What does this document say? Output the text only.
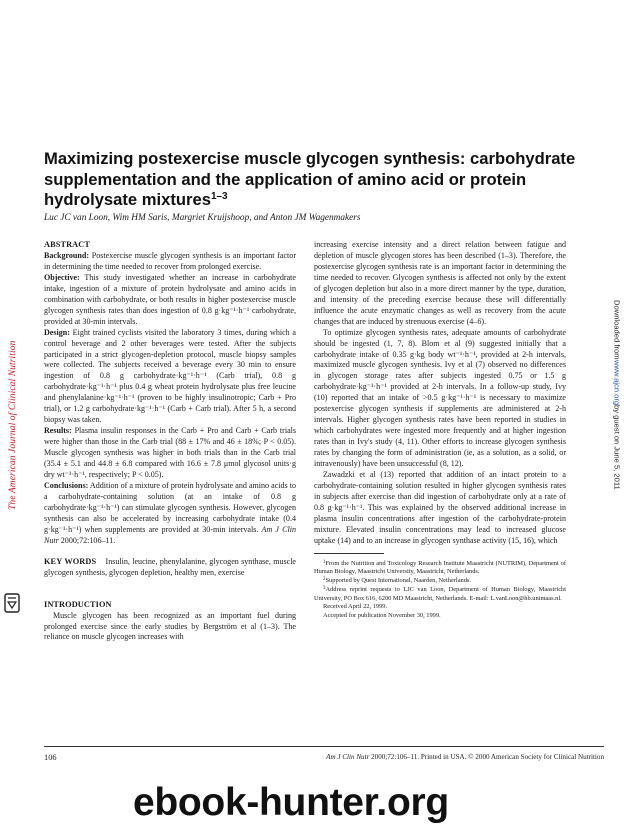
The American Journal of Clinical Nutrition
Downloaded from
www.ajcn.org
by guest on June 5, 2011
Maximizing postexercise muscle glycogen synthesis: carbohydrate supplementation and the application of amino acid or protein hydrolysate mixtures$^{1-3}$
Luc JC van Loon, Wim HM Saris, Margriet Kruijshoop, and Anton JM Wagenmakers

ABSTRACT

Background: Postexercise muscle glycogen synthesis is an important factor in determining the time needed to recover from prolonged exercise.

Objective: This study investigated whether an increase in carbohydrate intake, ingestion of a mixture of protein hydrolysate and amino acids in combination with carbohydrate, or both results in higher postexercise muscle glycogen synthesis rates than does ingestion of 0.8 g·kg⁻¹·h⁻¹ carbohydrate, provided at 30-min intervals.

Design: Eight trained cyclists visited the laboratory 3 times, during which a control beverage and 2 other beverages were tested. After the subjects participated in a strict glycogen-depletion protocol, muscle biopsy samples were collected. The subjects received a beverage every 30 min to ensure ingestion of 0.8 g carbohydrate·kg⁻¹·h⁻¹ (Carb trial), 0.8 g carbohydrate·kg⁻¹·h⁻¹ plus 0.4 g wheat protein hydrolysate plus free leucine and phenylalanine·kg⁻¹·h⁻¹ (proven to be highly insulinotropic; Carb + Pro trial), or 1.2 g carbohydrate·kg⁻¹·h⁻¹ (Carb + Carb trial). After 5 h, a second biopsy was taken.

Results: Plasma insulin responses in the Carb + Pro and Carb + Carb trials were higher than those in the Carb trial (88 ± 17% and 46 ± 18%; P < 0.05). Muscle glycogen synthesis was higher in both trials than in the Carb trial (35.4 ± 5.1 and 44.8 ± 6.8 compared with 16.6 ± 7.8 μmol glycosol units·g dry wt⁻¹·h⁻¹, respectively; P < 0.05).

Conclusions: Addition of a mixture of protein hydrolysate and amino acids to a carbohydrate-containing solution (at an intake of 0.8 g carbohydrate·kg⁻¹·h⁻¹) can stimulate glycogen synthesis. However, glycogen synthesis can also be accelerated by increasing carbohydrate intake (0.4 g·kg⁻¹·h⁻¹) when supplements are provided at 30-min intervals. Am J Clin Nutr 2000;72:106–11.

KEY WORDS Insulin, leucine, phenylalanine, glycogen synthase, muscle glycogen synthesis, glycogen depletion, healthy men, exercise

INTRODUCTION

Muscle glycogen has been recognized as an important fuel during prolonged exercise since the early studies by Bergström et al (1–3). The reliance on muscle glycogen increases with

increasing exercise intensity and a direct relation between fatigue and depletion of muscle glycogen stores has been described (1–3). Therefore, the postexercise glycogen synthesis rate is an important factor in determining the time needed to recover. Glycogen synthesis is affected not only by the extent of glycogen depletion but also in a more direct manner by the type, duration, and intensity of the preceding exercise because these will differentially influence the acute enzymatic changes as well as recovery from the acute changes that are induced by strenuous exercise (4–6).

To optimize glycogen synthesis rates, adequate amounts of carbohydrate should be ingested (1, 7, 8). Blom et al (9) suggested initially that a carbohydrate intake of 0.35 g·kg body wt⁻¹·h⁻¹, provided at 2-h intervals, maximized muscle glycogen synthesis. Ivy et al (7) observed no differences in glycogen storage rates after subjects ingested 0.75 or 1.5 g carbohydrate·kg⁻¹·h⁻¹ provided at 2-h intervals. In a follow-up study, Ivy (10) reported that an intake of >0.5 g·kg⁻¹·h⁻¹ is necessary to maximize postexercise glycogen synthesis if supplements are administered at 2-h intervals. Higher glycogen synthesis rates have been reported in studies in which carbohydrates were ingested more frequently and at higher ingestion rates than in Ivy's study (4, 11). Other efforts to increase glycogen synthesis rates by changing the form of administration (ie, as a solution, as a solid, or intravenously) have been unsuccessful (8, 12).

Zawadzki et al (13) reported that addition of an intact protein to a carbohydrate-containing solution resulted in higher glycogen synthesis rates in subjects after exercise than did ingestion of carbohydrate only at a rate of 0.8 g·kg⁻¹·h⁻¹. This was explained by the observed additional increase in plasma insulin concentrations after ingestion of the carbohydrate-protein mixture. Elevated insulin concentrations may lead to increased glucose uptake (14) and to an increase in glycogen synthase activity (15, 16), which

$^1$From the Nutrition and Toxicology Research Institute Maastricht (NUTRIM), Department of Human Biology, Maastricht University, Maastricht, Netherlands.

$^2$Supported by Quest International, Naarden, Netherlands.

$^3$Address reprint requests to LJC van Loon, Department of Human Biology, Maastricht University, PO Box 616, 6200 MD Maastricht, Netherlands. E-mail: L.vanLoon@hb.unimaas.nl.

Received April 22, 1999.

Accepted for publication November 30, 1999.

106	Am J Clin Nutr 2000;72:106–11. Printed in USA. © 2000 American Society for Clinical Nutrition
ebook-hunter.org
